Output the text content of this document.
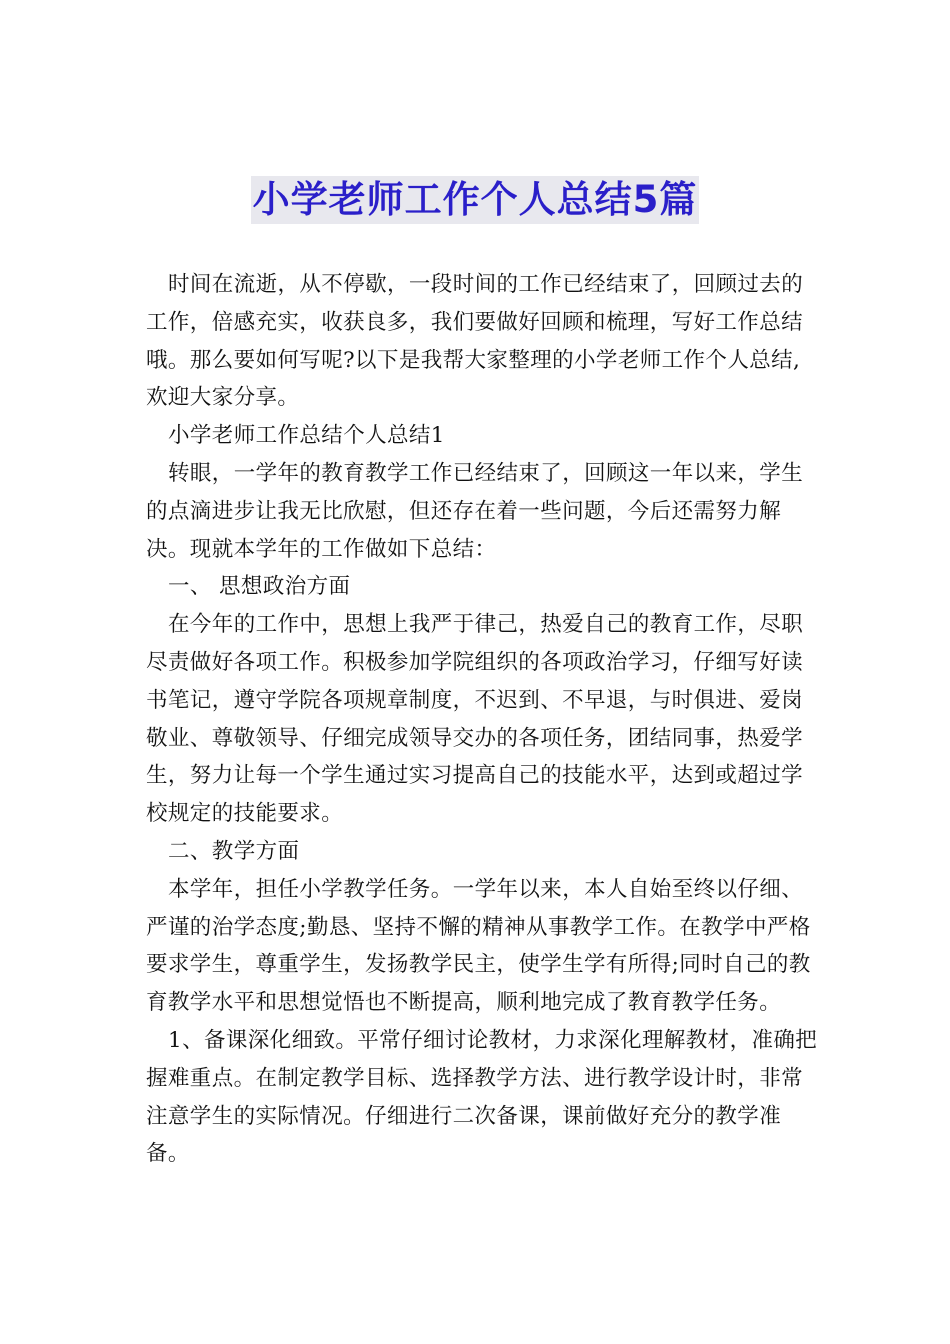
小学老师工作个人总结5篇

时间在流逝，从不停歇，一段时间的工作已经结束了，回顾过去的工作，倍感充实，收获良多，我们要做好回顾和梳理，写好工作总结哦。那么要如何写呢?以下是我帮大家整理的小学老师工作个人总结,欢迎大家分享。

小学老师工作总结个人总结1

转眼，一学年的教育教学工作已经结束了，回顾这一年以来，学生的点滴进步让我无比欣慰，但还存在着一些问题，今后还需努力解决。现就本学年的工作做如下总结：

一、 思想政治方面

在今年的工作中，思想上我严于律己，热爱自己的教育工作，尽职尽责做好各项工作。积极参加学院组织的各项政治学习，仔细写好读书笔记，遵守学院各项规章制度，不迟到、不早退，与时俱进、爱岗敬业、尊敬领导、仔细完成领导交办的各项任务，团结同事，热爱学生，努力让每一个学生通过实习提高自己的技能水平，达到或超过学校规定的技能要求。

二、教学方面

本学年，担任小学教学任务。一学年以来，本人自始至终以仔细、严谨的治学态度;勤恳、坚持不懈的精神从事教学工作。在教学中严格要求学生，尊重学生，发扬教学民主，使学生学有所得;同时自己的教育教学水平和思想觉悟也不断提高，顺利地完成了教育教学任务。

1、备课深化细致。平常仔细讨论教材，力求深化理解教材，准确把握难重点。在制定教学目标、选择教学方法、进行教学设计时，非常注意学生的实际情况。仔细进行二次备课，课前做好充分的教学准备。
